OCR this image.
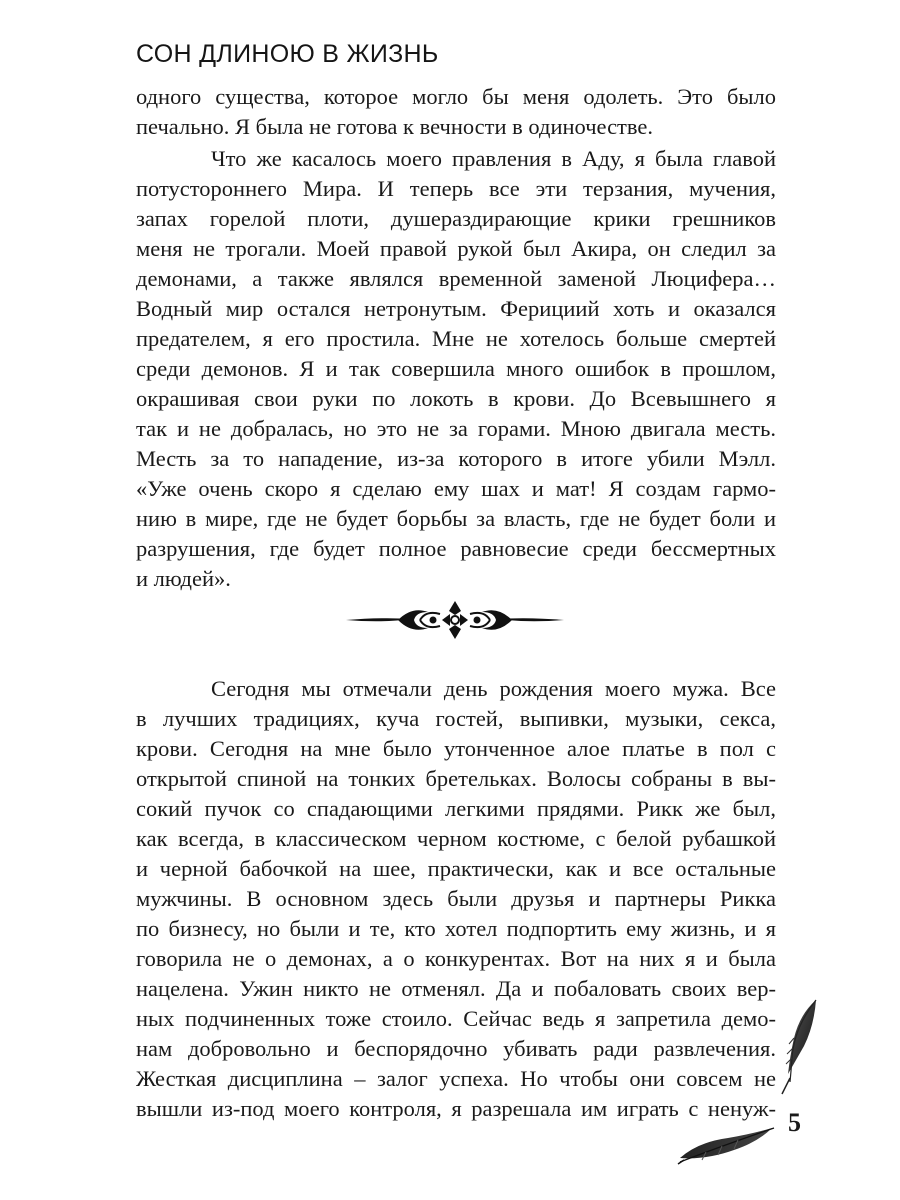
СОН ДЛИНОЮ В ЖИЗНЬ
одного существа, которое могло бы меня одолеть. Это было
печально. Я была не готова к вечности в одиночестве.
Что же касалось моего правления в Аду, я была главой
потустороннего Мира. И теперь все эти терзания, мучения,
запах горелой плоти, душераздирающие крики грешников
меня не трогали. Моей правой рукой был Акира, он следил за
демонами, а также являлся временной заменой Люцифера…
Водный мир остался нетронутым. Ферициий хоть и оказался
предателем, я его простила. Мне не хотелось больше смертей
среди демонов. Я и так совершила много ошибок в прошлом,
окрашивая свои руки по локоть в крови. До Всевышнего я
так и не добралась, но это не за горами. Мною двигала месть.
Месть за то нападение, из-за которого в итоге убили Мэлл.
«Уже очень скоро я сделаю ему шах и мат! Я создам гармо-
нию в мире, где не будет борьбы за власть, где не будет боли и
разрушения, где будет полное равновесие среди бессмертных
и людей».
Сегодня мы отмечали день рождения моего мужа. Все
в лучших традициях, куча гостей, выпивки, музыки, секса,
крови. Сегодня на мне было утонченное алое платье в пол с
открытой спиной на тонких бретельках. Волосы собраны в вы-
сокий пучок со спадающими легкими прядями. Рикк же был,
как всегда, в классическом черном костюме, с белой рубашкой
и черной бабочкой на шее, практически, как и все остальные
мужчины. В основном здесь были друзья и партнеры Рикка
по бизнесу, но были и те, кто хотел подпортить ему жизнь, и я
говорила не о демонах, а о конкурентах. Вот на них я и была
нацелена. Ужин никто не отменял. Да и побаловать своих вер-
ных подчиненных тоже стоило. Сейчас ведь я запретила демо-
нам добровольно и беспорядочно убивать ради развлечения.
Жесткая дисциплина – залог успеха. Но чтобы они совсем не
вышли из-под моего контроля, я разрешала им играть с ненуж- 5
